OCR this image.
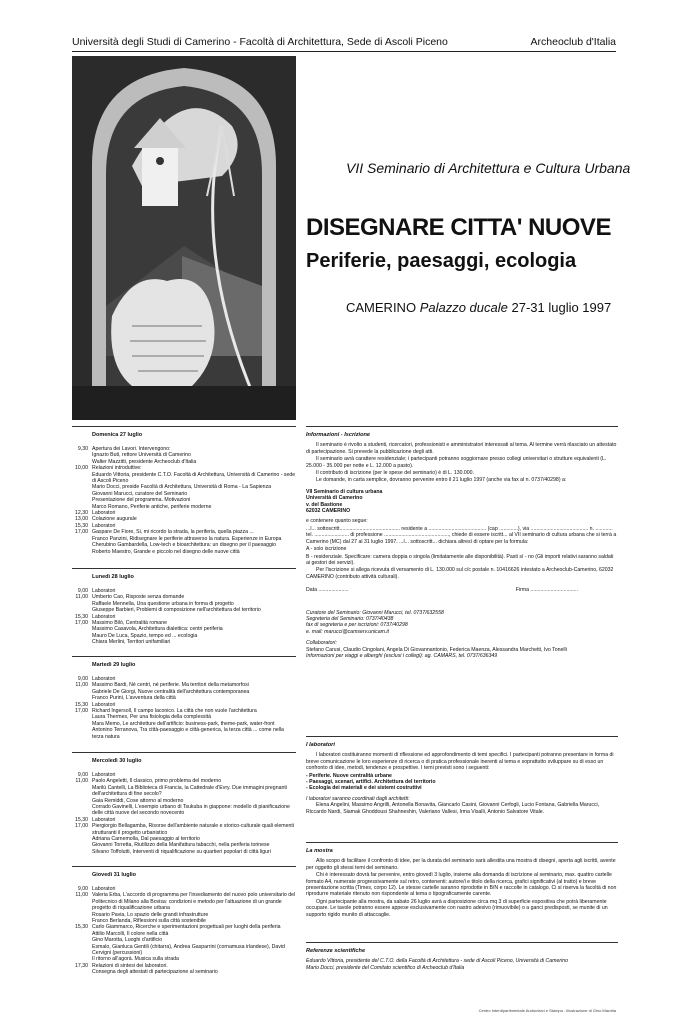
Università degli Studi di Camerino - Facoltà di Architettura, Sede di Ascoli Piceno	Archeoclub d'Italia
VII Seminario di Architettura e Cultura Urbana
DISEGNARE CITTA' NUOVE
Periferie, paesaggi, ecologia
CAMERINO Palazzo ducale 27-31 luglio 1997
Domenica 27 luglio
9,30 Apertura dei Lavori. Intervengono:
Ignazio Buti, rettore Università di Camerino
Walter Mazzitti, presidente Archeoclub d'Italia
10,00 Relazioni introduttive:
Eduardo Vittoria, presidente C.T.O. Facoltà di Architettura, Università di Camerino - sede di Ascoli Piceno
Mario Docci, preside Facoltà di Architettura, Università di Roma - La Sapienza
Giovanni Marucci, curatore del Seminario
Presentazione del programma. Motivazioni
Marco Romano, Periferie antiche, periferie moderne
12,30 Laboratori
13,00 Colazione augurale
15,30 Laboratori
17,00 Gaspare De Fiore, Si, mi ricordo la strada, la periferia, quella piazza ...
Franco Panzini, Ridisegnare le periferie attraverso la natura. Esperienze in Europa
Cherubino Gambardella, Low-tech e bioarchitettura: un disegno per il paesaggio
Roberto Maestro, Grande e piccolo nel disegno delle nuove città
Lunedì 28 luglio
9,00 Laboratori
11,00 Umberto Cao, Risposte senza domande
Raffaele Mennella, Una questione urbana in forma di progetto
Giuseppe Barbieri, Problemi di composizione nell'architettura del territorio
15,30 Laboratori
17,00 Massimo Bilò, Centralità romane
Massimo Casavola, Architettura dialettica: centri periferia
Mauro De Luca, Spazio, tempo ed ... ecologia
Chiara Merlini, Territori unifamiliari
Martedì 29 luglio
9,00 Laboratori
11,00 Massimo Bardi, Né centri, né periferie. Ma territori della metamorfosi
Gabriele De Giorgi, Nuove centralità dell'architettura contemporanea
Franco Purini, L'avventura della città
15,30 Laboratori
17,00 Richard Ingersoll, Il campo laconico. La città che non vuole l'architettura
Laura Thermes, Per una fisiologia della complessità
Mara Memo, Le architetture dell'artificio: business-park, theme-park, water-front
Antonino Terranova, Tra città-paesaggio e città-generica, la terza città ... come nella terza natura
Mercoledì 30 luglio
9,00 Laboratori
11,00 Paolo Angeletti, Il classico, primo problema del moderno
Marilù Cantelli, La Biblioteca di Francia, la Cattedrale d'Evry. Due immagini pregnanti dell'architettura di fine secolo?
Gaia Remiddi, Cose attorno al moderno
Corrado Gavinelli, L'esempio urbano di Tsukuba in giappone: modello di pianificazione delle città nuove del secondo novecento
15,30 Laboratori
17,00 Piergiorgio Bellagamba, Risorse dell'ambiente naturale e storico-culturale quali elementi strutturanti il progetto urbanistico
Adriana Carnemolla, Dal paesaggio al territorio
Giovanni Torretta, Riutilizzo della Manifattura tabacchi, nella periferia torinese
Silvano Toffolutti, Interventi di riqualificazione su quartieri popolari di città liguri
Giovedì 31 luglio
9,00 Laboratori
11,00 Valeria Erba, L'accordo di programma per l'insediamento del nuovo polo universitario del Politecnico di Milano alla Bovisa: condizioni e metodo per l'attuazione di un grande progetto di riqualificazione urbana
Rosario Pavia, Lo spazio delle grandi infrastrutture
Franco Berlanda, Riflessioni sulla città sostenibile
15,30 Carlo Giammarco, Ricerche e sperimentazioni progettuali per luoghi della periferia
Attilio Marcolli, Il colore nella città
Gino Marotta, Luoghi d'artificio
Esmalo, Gianluca Gentili (chitarra), Andrea Gasparrini (cornamusa irlandese), David Cervigni (percussioni)
Il ritorno all'agorà. Musica sulla strada
17,30 Relazioni di sintesi dei laboratori.
Consegna degli attestati di partecipazione al seminario
Informazioni - Iscrizione

Il seminario è rivolto a studenti, ricercatori, professionisti e amministratori interessati al tema. Al termine verrà rilasciato un attestato di partecipazione. Si prevede la pubblicazione degli atti.

Il seminario avrà carattere residenziale; i partecipanti potranno soggiornare presso collegi universitari o strutture equivalenti (L. 25.000 - 35.000 per notte e L. 12.000 a pasto).

Il contributo di iscrizione (per le spese del seminario) è di L. 130.000.

Le domande, in carta semplice, dovranno pervenire entro il 21 luglio 1997 (anche via fax al n. 0737/40298) a:

VII Seminario di cultura urbana
Università di Camerino
v. del Bastione
62032 CAMERINO

e contenere quanto segue:

...l... sottoscritt.......................................... residente a ........................................ (cap .............), via ........................................ n. ............ tel. ........................ di professione ............................................., chiede di essere iscritt... al VII seminario di cultura urbana che si terrà a Camerino (MC) dal 27 al 31 luglio 1997. ...l... sottoscritt... dichiara altresì di optare per la formula:

A - solo iscrizione

B - residenziale. Specificare: camera doppia o singola (limitatamente alle disponibilità). Pasti sì - no (Gli importi relativi saranno saldati ai gestori dei servizi).

Per l'iscrizione si allega ricevuta di versamento di L. 130.000 sul c/c postale n. 10416626 intestato a Archeoclub-Camerino, 62032 CAMERINO (contributo attività culturali).

Data .....................	Firma .................................
Curatore del Seminario: Giovanni Marucci, tel. 0737/632558
Segreteria del Seminario: 0737/40438
fax di segreteria e per iscrizioni: 0737/40298
e. mail: marucci@camserv.unicam.it
Collaboratori:
Stefano Carusi, Claudio Cingolani, Angela Di Giovannantonio, Federica Maenza, Alessandra Marchetti, Ivo Tonelli
Informazioni per viaggi e alberghi (esclusi i collegi): ag. CAMARS, tel. 0737/636349
I laboratori

I laboratori costituiranno momenti di riflessione ed approfondimento di temi specifici. I partecipanti potranno presentare in forma di breve comunicazione le loro esperienze di ricerca o di pratica professionale inerenti al tema e soprattutto sviluppare su di esso un confronto di idee, metodi, tendenze e prospettive. I temi previsti sono i seguenti:

- Periferie. Nuove centralità urbane
- Paesaggi, scenari, artifici. Architettura del territorio
- Ecologia dei materiali e dei sistemi costruttivi
I laboratori saranno coordinati dagli architetti:

Elena Angelini, Massimo Angrilli, Antonella Bonavita, Giancarlo Casini, Giovanni Cerfogli, Lucio Fontana, Gabriella Marucci, Riccardo Nardi, Siamak Ghoddousi Shahneshin, Valeriano Vallesi, Irma Visalli, Antonio Salvatore Vitale.

La mostra

Allo scopo di facilitare il confronto di idee, per la durata del seminario sarà allestita una mostra di disegni, aperta agli iscritti, avente per oggetto gli stessi temi del seminario.

Chi è interessato dovrà far pervenire, entro giovedì 3 luglio, insieme alla domanda di iscrizione al seminario, max. quattro cartelle formato A4, numerate progressivamente sul retro, contenenti: autore/i e titolo della ricerca, grafici significativi (al tratto) e breve presentazione scritta (Times, corpo 12). Le stesse cartelle saranno riprodotte in B/N e raccolte in catalogo. Ci si riserva la facoltà di non riprodurre materiale ritenuto non rispondente al tema o tipograficamente carente.

Ogni partecipante alla mostra, da sabato 26 luglio avrà a disposizione circa mq 3 di superficie espositiva che potrà liberamente occupare. Le tavole potranno essere appese esclusivamente con nastro adesivo (rimuovibile) o a ganci predisposti, se munite di un supporto rigido munito di attaccaglie.

Referenze scientifiche
Eduardo Vittoria, presidente del C.T.O. della Facoltà di Architettura - sede di Ascoli Piceno, Università di Camerino
Mario Docci, presidente del Comitato scientifico di Archeoclub d'Italia
Centro Interdipartimentale Audiovisivi e Stampa - illustrazione di Gino Marotta
